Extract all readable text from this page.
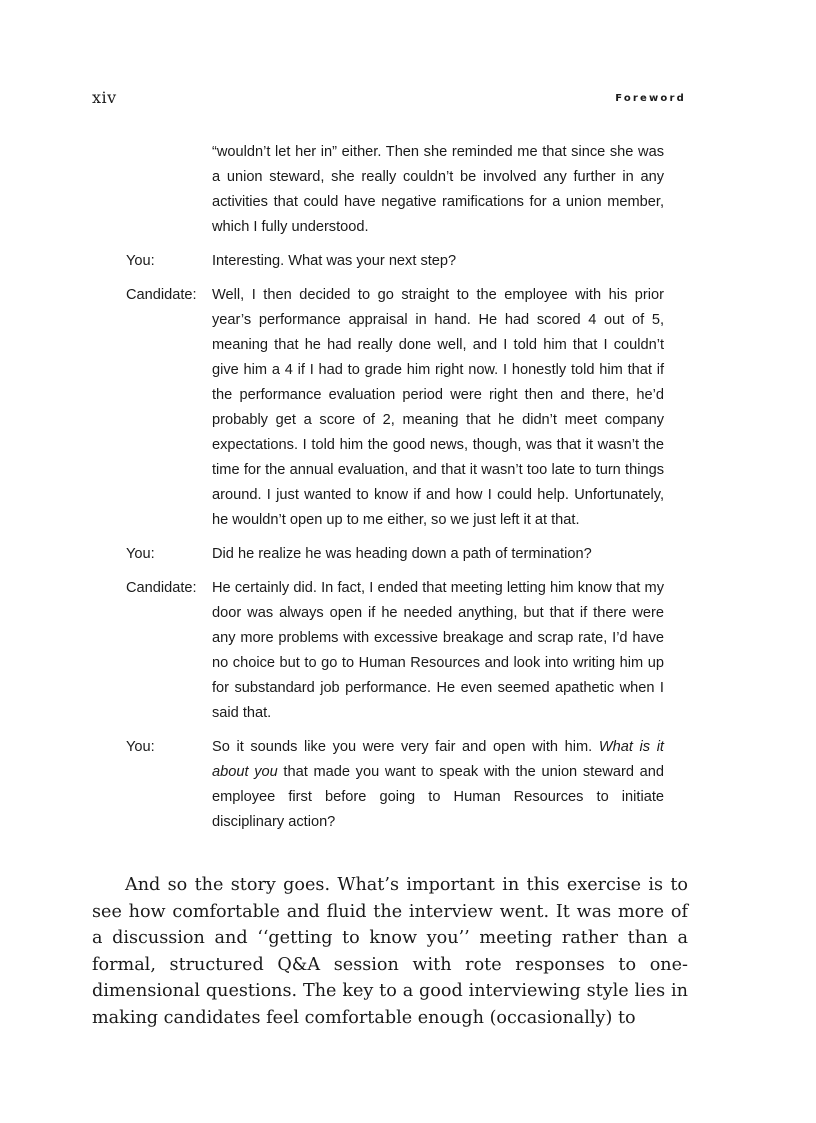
xiv	Foreword
“wouldn’t let her in” either. Then she reminded me that since she was a union steward, she really couldn’t be involved any further in any activities that could have negative ramifications for a union member, which I fully understood.
You:	Interesting. What was your next step?
Candidate:	Well, I then decided to go straight to the employee with his prior year’s performance appraisal in hand. He had scored 4 out of 5, meaning that he had really done well, and I told him that I couldn’t give him a 4 if I had to grade him right now. I honestly told him that if the performance evaluation period were right then and there, he’d probably get a score of 2, meaning that he didn’t meet company expectations. I told him the good news, though, was that it wasn’t the time for the annual evaluation, and that it wasn’t too late to turn things around. I just wanted to know if and how I could help. Unfortunately, he wouldn’t open up to me either, so we just left it at that.
You:	Did he realize he was heading down a path of termination?
Candidate:	He certainly did. In fact, I ended that meeting letting him know that my door was always open if he needed anything, but that if there were any more problems with excessive breakage and scrap rate, I’d have no choice but to go to Human Resources and look into writing him up for substandard job performance. He even seemed apathetic when I said that.
You:	So it sounds like you were very fair and open with him. What is it about you that made you want to speak with the union steward and employee first before going to Human Resources to initiate disciplinary action?

And so the story goes. What’s important in this exercise is to see how comfortable and fluid the interview went. It was more of a discussion and ‘‘getting to know you’’ meeting rather than a formal, structured Q&A session with rote responses to one-dimensional questions. The key to a good interviewing style lies in making candidates feel comfortable enough (occasionally) to
